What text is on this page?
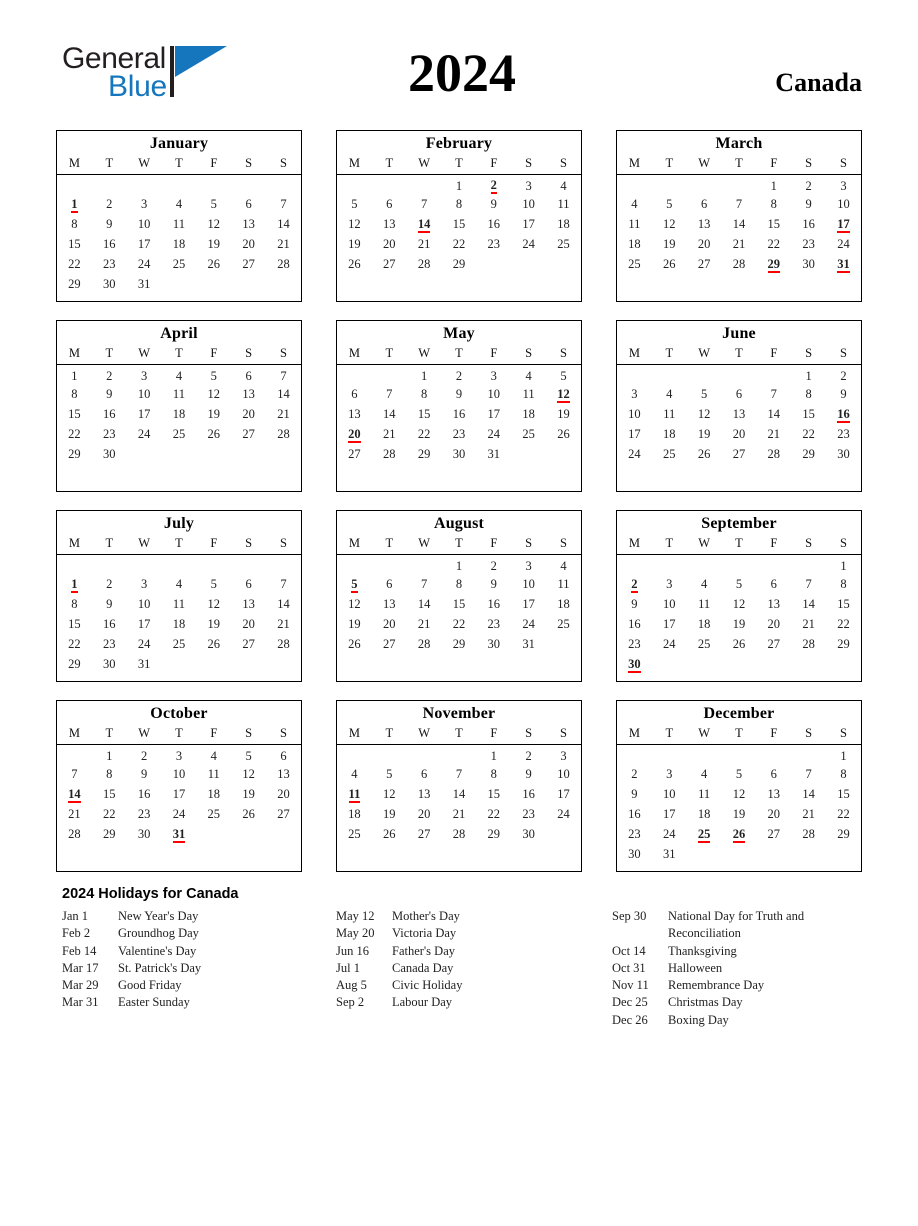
General
Blue	2024	Canada
January
M	T	W	T	F	S	S

1	2	3	4	5	6	7
8	9	10	11	12	13	14
15	16	17	18	19	20	21
22	23	24	25	26	27	28
29	30	31				
February
M	T	W	T	F	S	S
			1	2	3	4
5	6	7	8	9	10	11
12	13	14	15	16	17	18
19	20	21	22	23	24	25
26	27	28	29			
March
M	T	W	T	F	S	S
				1	2	3
4	5	6	7	8	9	10
11	12	13	14	15	16	17
18	19	20	21	22	23	24
25	26	27	28	29	30	31
April
M	T	W	T	F	S	S
1	2	3	4	5	6	7
8	9	10	11	12	13	14
15	16	17	18	19	20	21
22	23	24	25	26	27	28
29	30					
May
M	T	W	T	F	S	S
		1	2	3	4	5
6	7	8	9	10	11	12
13	14	15	16	17	18	19
20	21	22	23	24	25	26
27	28	29	30	31		
June
M	T	W	T	F	S	S
					1	2
3	4	5	6	7	8	9
10	11	12	13	14	15	16
17	18	19	20	21	22	23
24	25	26	27	28	29	30
July
M	T	W	T	F	S	S

1	2	3	4	5	6	7
8	9	10	11	12	13	14
15	16	17	18	19	20	21
22	23	24	25	26	27	28
29	30	31				
August
M	T	W	T	F	S	S
			1	2	3	4
5	6	7	8	9	10	11
12	13	14	15	16	17	18
19	20	21	22	23	24	25
26	27	28	29	30	31	
September
M	T	W	T	F	S	S
						1
2	3	4	5	6	7	8
9	10	11	12	13	14	15
16	17	18	19	20	21	22
23	24	25	26	27	28	29
30						
October
M	T	W	T	F	S	S
	1	2	3	4	5	6
7	8	9	10	11	12	13
14	15	16	17	18	19	20
21	22	23	24	25	26	27
28	29	30	31			
November
M	T	W	T	F	S	S
				1	2	3
4	5	6	7	8	9	10
11	12	13	14	15	16	17
18	19	20	21	22	23	24
25	26	27	28	29	30	
December
M	T	W	T	F	S	S
						1
2	3	4	5	6	7	8
9	10	11	12	13	14	15
16	17	18	19	20	21	22
23	24	25	26	27	28	29
30	31					
2024 Holidays for Canada
Jan 1	New Year's Day
Feb 2	Groundhog Day
Feb 14	Valentine's Day
Mar 17	St. Patrick's Day
Mar 29	Good Friday
Mar 31	Easter Sunday
May 12	Mother's Day
May 20	Victoria Day
Jun 16	Father's Day
Jul 1	Canada Day
Aug 5	Civic Holiday
Sep 2	Labour Day
Sep 30	National Day for Truth and Reconciliation
Oct 14	Thanksgiving
Oct 31	Halloween
Nov 11	Remembrance Day
Dec 25	Christmas Day
Dec 26	Boxing Day
